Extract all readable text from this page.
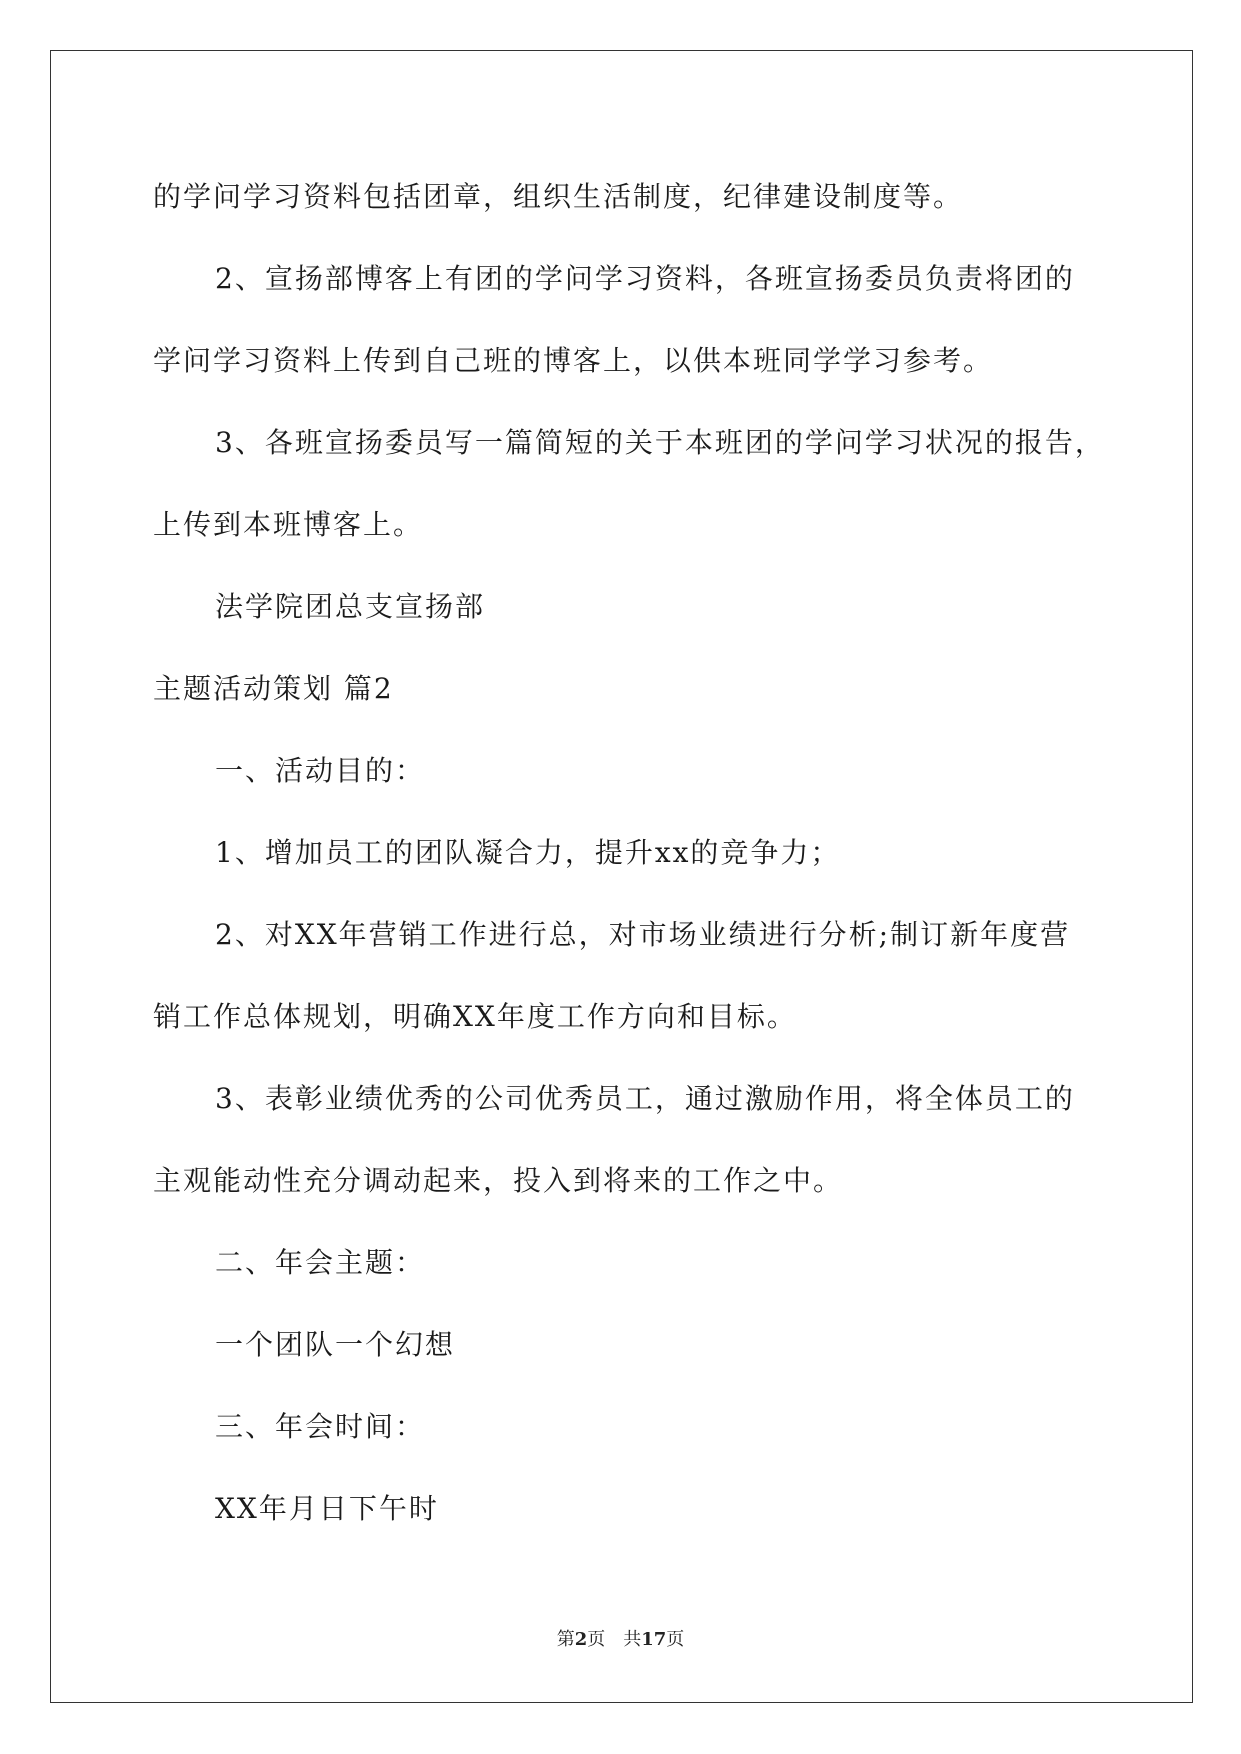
的学问学习资料包括团章，组织生活制度，纪律建设制度等。
2、宣扬部博客上有团的学问学习资料，各班宣扬委员负责将团的
学问学习资料上传到自己班的博客上，以供本班同学学习参考。
3、各班宣扬委员写一篇简短的关于本班团的学问学习状况的报告，
上传到本班博客上。
法学院团总支宣扬部
主题活动策划 篇2
一、活动目的：
1、增加员工的团队凝合力，提升xx的竞争力；
2、对XX年营销工作进行总，对市场业绩进行分析;制订新年度营
销工作总体规划，明确XX年度工作方向和目标。
3、表彰业绩优秀的公司优秀员工，通过激励作用，将全体员工的
主观能动性充分调动起来，投入到将来的工作之中。
二、年会主题：
一个团队一个幻想
三、年会时间：
XX年月日下午时
第2页 共17页
